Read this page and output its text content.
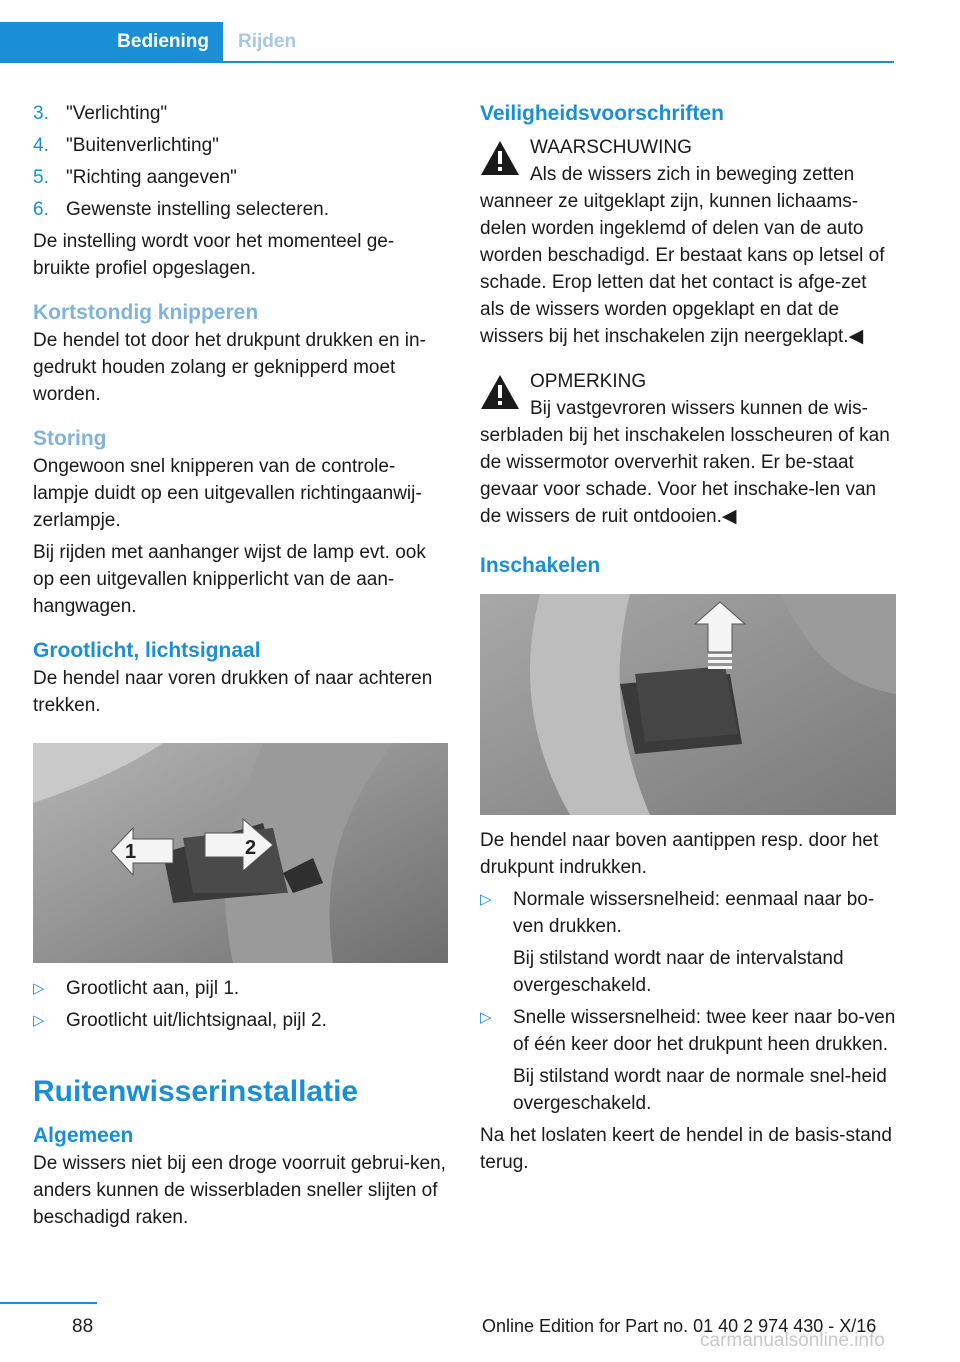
Bediening	Rijden
3. "Verlichting"
4. "Buitenverlichting"
5. "Richting aangeven"
6. Gewenste instelling selecteren.

De instelling wordt voor het momenteel ge-bruikte profiel opgeslagen.

Kortstondig knipperen

De hendel tot door het drukpunt drukken en in-gedrukt houden zolang er geknipperd moet worden.

Storing

Ongewoon snel knipperen van de controle-lampje duidt op een uitgevallen richtingaanwij-zerlampje.

Bij rijden met aanhanger wijst de lamp evt. ook op een uitgevallen knipperlicht van de aan-hangwagen.

Grootlicht, lichtsignaal

De hendel naar voren drukken of naar achteren trekken.

1	2
▷	Grootlicht aan, pijl 1.
▷	Grootlicht uit/lichtsignaal, pijl 2.
Ruitenwisserinstallatie
Algemeen

De wissers niet bij een droge voorruit gebrui-ken, anders kunnen de wisserbladen sneller slijten of beschadigd raken.

Veiligheidsvoorschriften
WAARSCHUWING

Als de wissers zich in beweging zetten wanneer ze uitgeklapt zijn, kunnen lichaams-delen worden ingeklemd of delen van de auto worden beschadigd. Er bestaat kans op letsel of schade. Erop letten dat het contact is afge-zet als de wissers worden opgeklapt en dat de wissers bij het inschakelen zijn neergeklapt.◀

OPMERKING

Bij vastgevroren wissers kunnen de wis-serbladen bij het inschakelen losscheuren of kan de wissermotor oververhit raken. Er be-staat gevaar voor schade. Voor het inschake-len van de wissers de ruit ontdooien.◀

Inschakelen

De hendel naar boven aantippen resp. door het drukpunt indrukken.

▷	Normale wissersnelheid: eenmaal naar bo-ven drukken.

Bij stilstand wordt naar de intervalstand overgeschakeld.

▷	Snelle wissersnelheid: twee keer naar bo-ven of één keer door het drukpunt heen drukken.

Bij stilstand wordt naar de normale snel-heid overgeschakeld.

Na het loslaten keert de hendel in de basis-stand terug.

88	Online Edition for Part no. 01 40 2 974 430 - X/16
carmanualsonline.info
